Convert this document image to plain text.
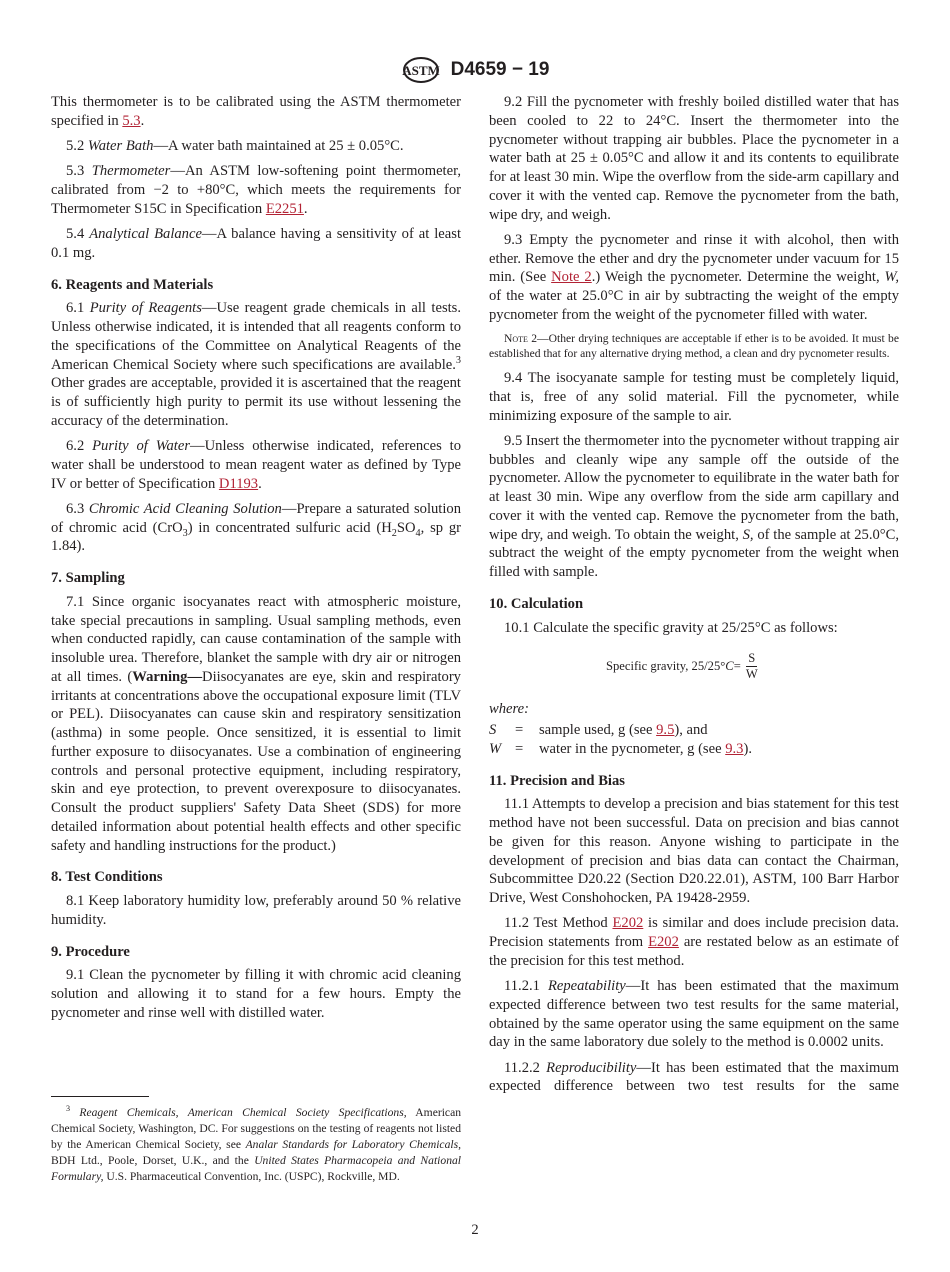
ASTM D4659 − 19
This thermometer is to be calibrated using the ASTM thermometer specified in 5.3.
5.2 Water Bath—A water bath maintained at 25 ± 0.05°C.
5.3 Thermometer—An ASTM low-softening point thermometer, calibrated from −2 to +80°C, which meets the requirements for Thermometer S15C in Specification E2251.
5.4 Analytical Balance—A balance having a sensitivity of at least 0.1 mg.
6. Reagents and Materials
6.1 Purity of Reagents—Use reagent grade chemicals in all tests. Unless otherwise indicated, it is intended that all reagents conform to the specifications of the Committee on Analytical Reagents of the American Chemical Society where such specifications are available.$^3$ Other grades are acceptable, provided it is ascertained that the reagent is of sufficiently high purity to permit its use without lessening the accuracy of the determination.
6.2 Purity of Water—Unless otherwise indicated, references to water shall be understood to mean reagent water as defined by Type IV or better of Specification D1193.
6.3 Chromic Acid Cleaning Solution—Prepare a saturated solution of chromic acid (CrO$_3$) in concentrated sulfuric acid ($H_2SO_4$, sp gr 1.84).
7. Sampling
7.1 Since organic isocyanates react with atmospheric moisture, take special precautions in sampling. Usual sampling methods, even when conducted rapidly, can cause contamination of the sample with insoluble urea. Therefore, blanket the sample with dry air or nitrogen at all times. (Warning—Diisocyanates are eye, skin and respiratory irritants at concentrations above the occupational exposure limit (TLV or PEL). Diisocyanates can cause skin and respiratory sensitization (asthma) in some people. Once sensitized, it is essential to limit further exposure to diisocyanates. Use a combination of engineering controls and personal protective equipment, including respiratory, skin and eye protection, to prevent overexposure to diisocyanates. Consult the product suppliers' Safety Data Sheet (SDS) for more detailed information about potential health effects and other specific safety and handling instructions for the product.)
8. Test Conditions
8.1 Keep laboratory humidity low, preferably around 50 % relative humidity.
9. Procedure
9.1 Clean the pycnometer by filling it with chromic acid cleaning solution and allowing it to stand for a few hours. Empty the pycnometer and rinse well with distilled water.
9.2 Fill the pycnometer with freshly boiled distilled water that has been cooled to 22 to 24°C. Insert the thermometer into the pycnometer without trapping air bubbles. Place the pycnometer in a water bath at 25 ± 0.05°C and allow it and its contents to equilibrate for at least 30 min. Wipe the overflow from the side-arm capillary and cover it with the vented cap. Remove the pycnometer from the bath, wipe dry, and weigh.
9.3 Empty the pycnometer and rinse it with alcohol, then with ether. Remove the ether and dry the pycnometer under vacuum for 15 min. (See Note 2.) Weigh the pycnometer. Determine the weight, W, of the water at 25.0°C in air by subtracting the weight of the empty pycnometer from the weight of the pycnometer filled with water.
Note 2—Other drying techniques are acceptable if ether is to be avoided. It must be established that for any alternative drying method, a clean and dry pycnometer results.
9.4 The isocyanate sample for testing must be completely liquid, that is, free of any solid material. Fill the pycnometer, while minimizing exposure of the sample to air.
9.5 Insert the thermometer into the pycnometer without trapping air bubbles and cleanly wipe any sample off the outside of the pycnometer. Allow the pycnometer to equilibrate in the water bath for at least 30 min. Wipe any overflow from the side arm capillary and cover it with the vented cap. Remove the pycnometer from the bath, wipe dry, and weigh. To obtain the weight, S, of the sample at 25.0°C, subtract the weight of the empty pycnometer from the weight when filled with sample.
10. Calculation
10.1 Calculate the specific gravity at 25/25°C as follows:
Specific gravity, 25/25° $C = \frac{S}{W}$
where:
S	=	sample used, g (see 9.5), and
W =	water in the pycnometer, g (see 9.3).
11. Precision and Bias
11.1 Attempts to develop a precision and bias statement for this test method have not been successful. Data on precision and bias cannot be given for this reason. Anyone wishing to participate in the development of precision and bias data can contact the Chairman, Subcommittee D20.22 (Section D20.22.01), ASTM, 100 Barr Harbor Drive, West Conshohocken, PA 19428-2959.
11.2 Test Method E202 is similar and does include precision data. Precision statements from E202 are restated below as an estimate of the precision for this test method.
11.2.1 Repeatability—It has been estimated that the maximum expected difference between two test results for the same material, obtained by the same operator using the same equipment on the same day in the same laboratory due solely to the method is 0.0002 units.
11.2.2 Reproducibility—It has been estimated that the maximum expected difference between two test results for the same
$^3$ Reagent Chemicals, American Chemical Society Specifications, American Chemical Society, Washington, DC. For suggestions on the testing of reagents not listed by the American Chemical Society, see Analar Standards for Laboratory Chemicals, BDH Ltd., Poole, Dorset, U.K., and the United States Pharmacopeia and National Formulary, U.S. Pharmaceutical Convention, Inc. (USPC), Rockville, MD.
2
